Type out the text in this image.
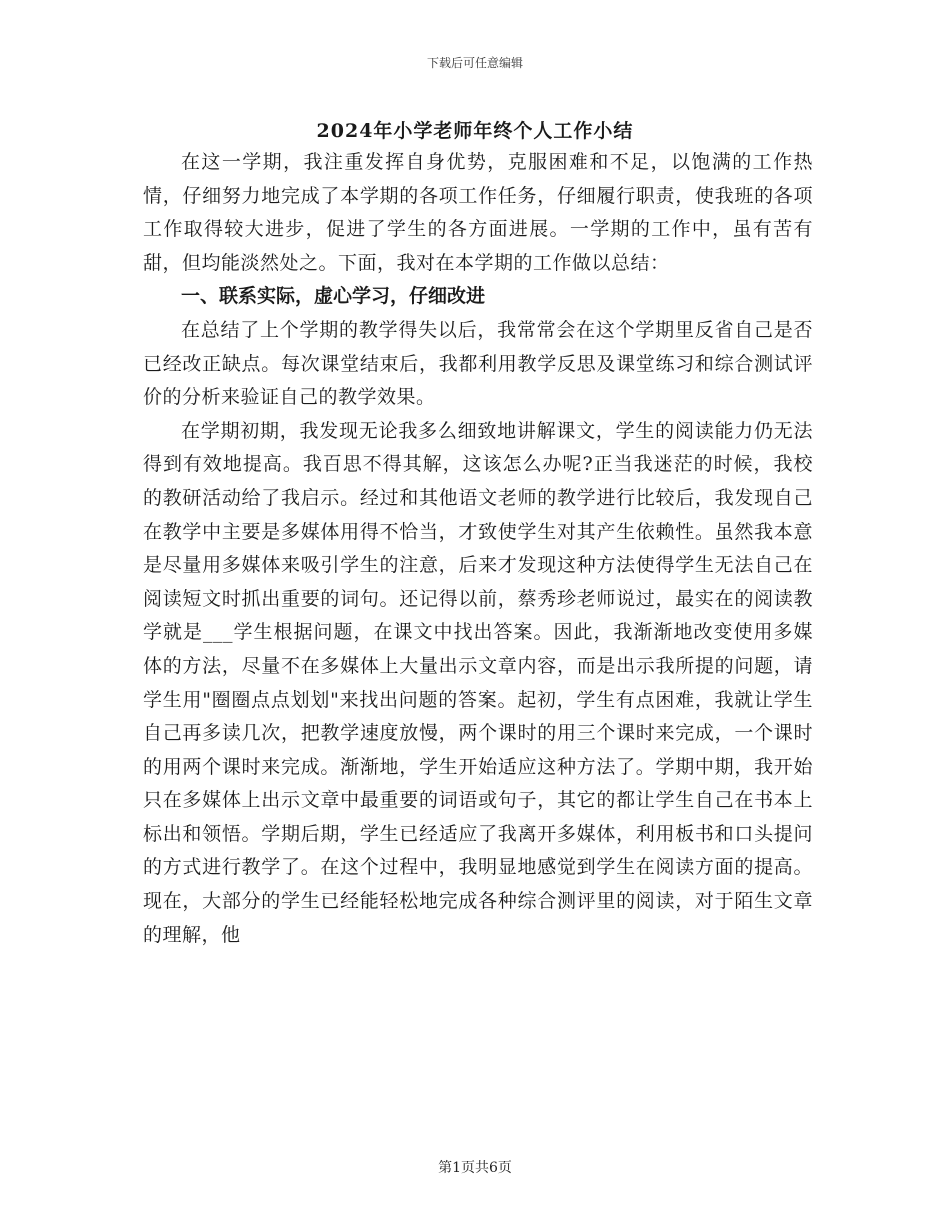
下载后可任意编辑
2024年小学老师年终个人工作小结

在这一学期，我注重发挥自身优势，克服困难和不足，以饱满的工作热情，仔细努力地完成了本学期的各项工作任务，仔细履行职责，使我班的各项工作取得较大进步，促进了学生的各方面进展。一学期的工作中，虽有苦有甜，但均能淡然处之。下面，我对在本学期的工作做以总结：

一、联系实际，虚心学习，仔细改进

在总结了上个学期的教学得失以后，我常常会在这个学期里反省自己是否已经改正缺点。每次课堂结束后，我都利用教学反思及课堂练习和综合测试评价的分析来验证自己的教学效果。

在学期初期，我发现无论我多么细致地讲解课文，学生的阅读能力仍无法得到有效地提高。我百思不得其解，这该怎么办呢?正当我迷茫的时候，我校的教研活动给了我启示。经过和其他语文老师的教学进行比较后，我发现自己在教学中主要是多媒体用得不恰当，才致使学生对其产生依赖性。虽然我本意是尽量用多媒体来吸引学生的注意，后来才发现这种方法使得学生无法自己在阅读短文时抓出重要的词句。还记得以前，蔡秀珍老师说过，最实在的阅读教学就是___学生根据问题，在课文中找出答案。因此，我渐渐地改变使用多媒体的方法，尽量不在多媒体上大量出示文章内容，而是出示我所提的问题，请学生用"圈圈点点划划"来找出问题的答案。起初，学生有点困难，我就让学生自己再多读几次，把教学速度放慢，两个课时的用三个课时来完成，一个课时的用两个课时来完成。渐渐地，学生开始适应这种方法了。学期中期，我开始只在多媒体上出示文章中最重要的词语或句子，其它的都让学生自己在书本上标出和领悟。学期后期，学生已经适应了我离开多媒体，利用板书和口头提问的方式进行教学了。在这个过程中，我明显地感觉到学生在阅读方面的提高。现在，大部分的学生已经能轻松地完成各种综合测评里的阅读，对于陌生文章的理解，他

第1页共6页
